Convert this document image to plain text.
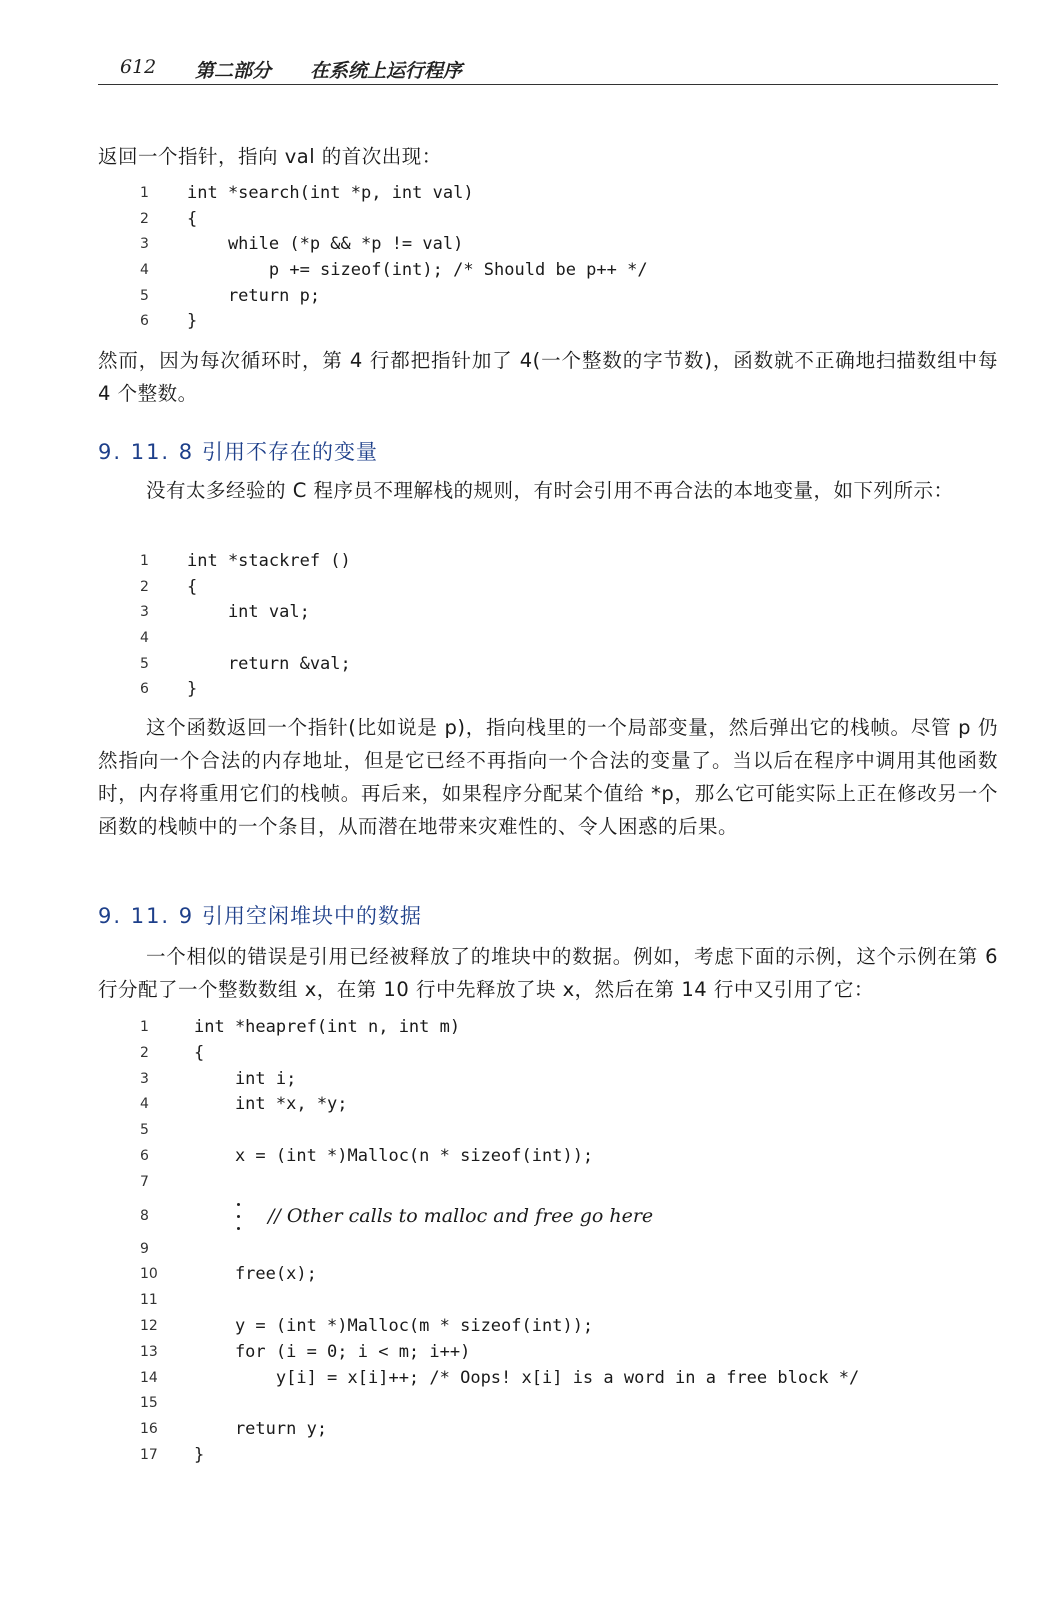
612 第二部分 在系统上运行程序
返回一个指针，指向 val 的首次出现：
1	int *search(int *p, int val)
2	{
3	while (*p && *p != val)
4	p += sizeof(int); /* Should be p++ */
5	return p;
6	}
然而，因为每次循环时，第 4 行都把指针加了 4(一个整数的字节数)，函数就不正确地扫描数组中每 4 个整数。
9. 11. 8 引用不存在的变量
没有太多经验的 C 程序员不理解栈的规则，有时会引用不再合法的本地变量，如下列所示：
1	int *stackref ()
2	{
3	int val;
4
5	return &val;
6	}
这个函数返回一个指针(比如说是 p)，指向栈里的一个局部变量，然后弹出它的栈帧。尽管 p 仍然指向一个合法的内存地址，但是它已经不再指向一个合法的变量了。当以后在程序中调用其他函数时，内存将重用它们的栈帧。再后来，如果程序分配某个值给 *p，那么它可能实际上正在修改另一个函数的栈帧中的一个条目，从而潜在地带来灾难性的、令人困惑的后果。
9. 11. 9 引用空闲堆块中的数据
一个相似的错误是引用已经被释放了的堆块中的数据。例如，考虑下面的示例，这个示例在第 6 行分配了一个整数数组 x，在第 10 行中先释放了块 x，然后在第 14 行中又引用了它：
1	int *heapref(int n, int m)
2	{
3	int i;
4	int *x, *y;
5
6	x = (int *)Malloc(n * sizeof(int));
7
8	// Other calls to malloc and free go here
9
10 free(x);
11
12 y = (int *)Malloc(m * sizeof(int));
13 for (i = 0; i < m; i++)
14 y[i] = x[i]++; /* Oops! x[i] is a word in a free block */
15
16 return y;
17 }
